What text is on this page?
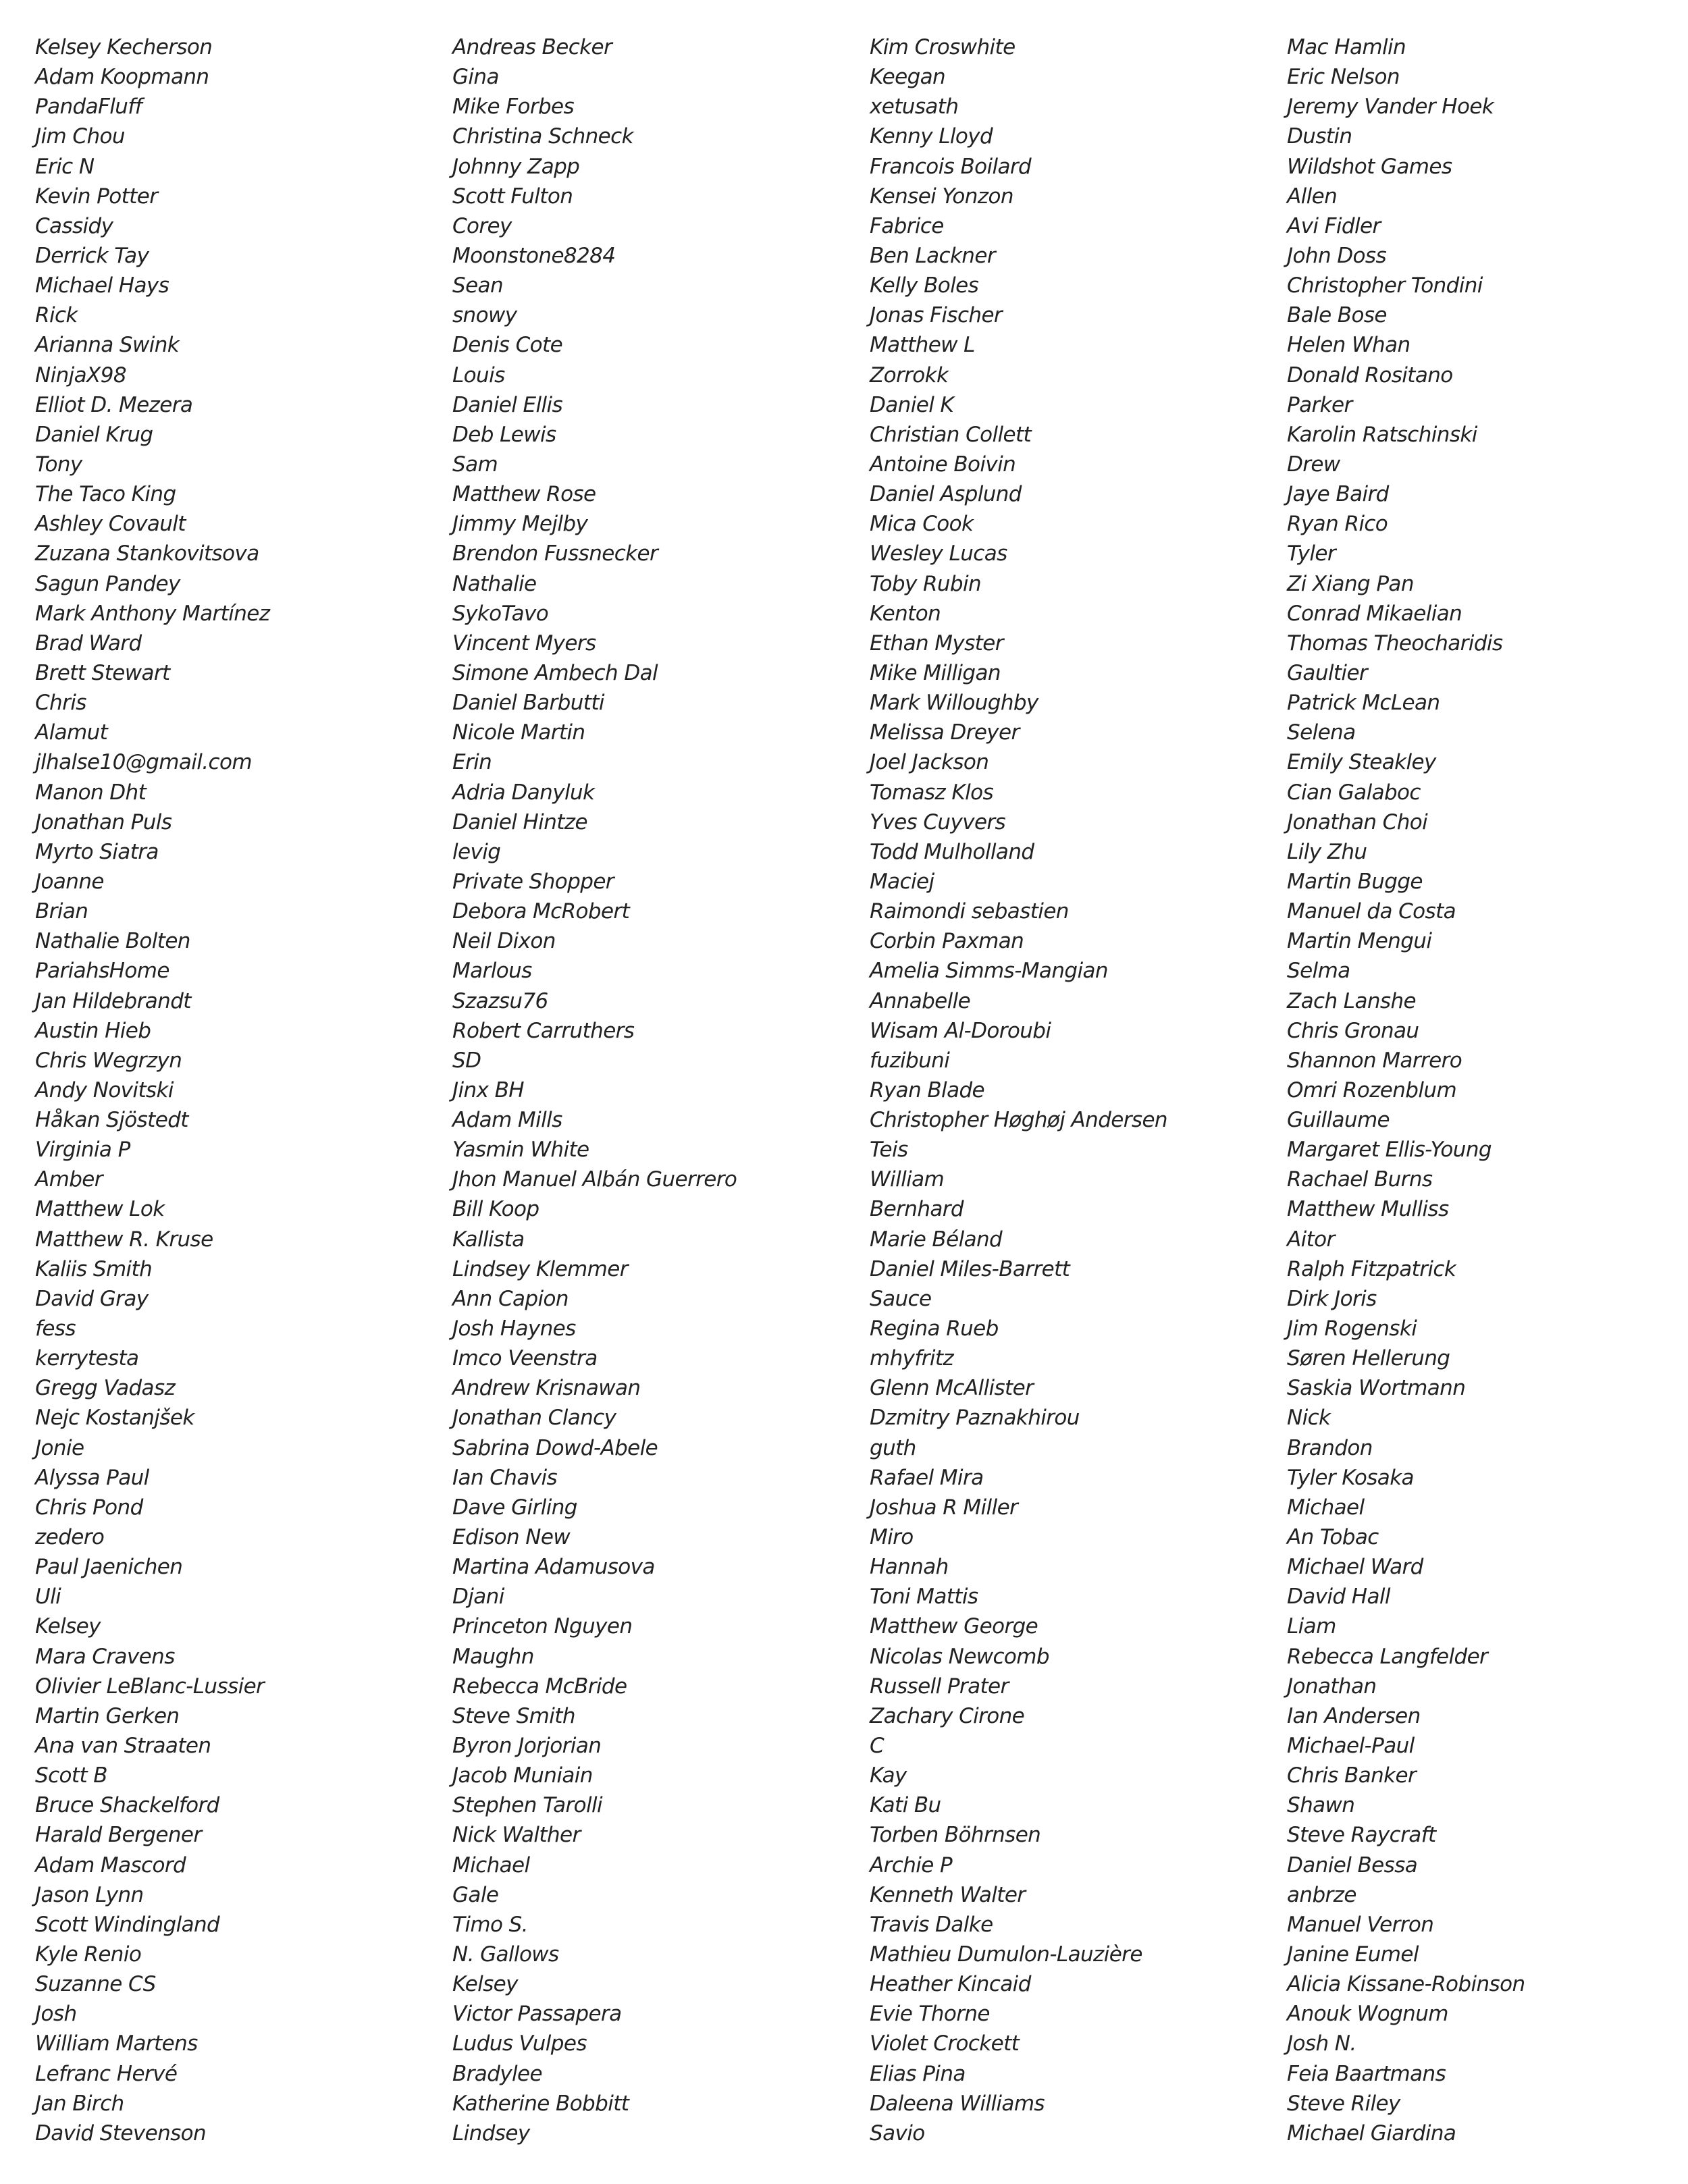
Kelsey Kecherson
Adam Koopmann
PandaFluff
Jim Chou
Eric N
Kevin Potter
Cassidy
Derrick Tay
Michael Hays
Rick
Arianna Swink
NinjaX98
Elliot D. Mezera
Daniel Krug
Tony
The Taco King
Ashley Covault
Zuzana Stankovitsova
Sagun Pandey
Mark Anthony Martínez
Brad Ward
Brett Stewart
Chris
Alamut
jlhalse10@gmail.com
Manon Dht
Jonathan Puls
Myrto Siatra
Joanne
Brian
Nathalie Bolten
PariahsHome
Jan Hildebrandt
Austin Hieb
Chris Wegrzyn
Andy Novitski
Håkan Sjöstedt
Virginia P
Amber
Matthew Lok
Matthew R. Kruse
Kaliis Smith
David Gray
fess
kerrytesta
Gregg Vadasz
Nejc Kostanjšek
Jonie
Alyssa Paul
Chris Pond
zedero
Paul Jaenichen
Uli
Kelsey
Mara Cravens
Olivier LeBlanc-Lussier
Martin Gerken
Ana van Straaten
Scott B
Bruce Shackelford
Harald Bergener
Adam Mascord
Jason Lynn
Scott Windingland
Kyle Renio
Suzanne CS
Josh
William Martens
Lefranc Hervé
Jan Birch
David Stevenson
Andreas Becker
Gina
Mike Forbes
Christina Schneck
Johnny Zapp
Scott Fulton
Corey
Moonstone8284
Sean
snowy
Denis Cote
Louis
Daniel Ellis
Deb Lewis
Sam
Matthew Rose
Jimmy Mejlby
Brendon Fussnecker
Nathalie
SykoTavo
Vincent Myers
Simone Ambech Dal
Daniel Barbutti
Nicole Martin
Erin
Adria Danyluk
Daniel Hintze
levig
Private Shopper
Debora McRobert
Neil Dixon
Marlous
Szazsu76
Robert Carruthers
SD
Jinx BH
Adam Mills
Yasmin White
Jhon Manuel Albán Guerrero
Bill Koop
Kallista
Lindsey Klemmer
Ann Capion
Josh Haynes
Imco Veenstra
Andrew Krisnawan
Jonathan Clancy
Sabrina Dowd-Abele
Ian Chavis
Dave Girling
Edison New
Martina Adamusova
Djani
Princeton Nguyen
Maughn
Rebecca McBride
Steve Smith
Byron Jorjorian
Jacob Muniain
Stephen Tarolli
Nick Walther
Michael
Gale
Timo S.
N. Gallows
Kelsey
Victor Passapera
Ludus Vulpes
Bradylee
Katherine Bobbitt
Lindsey
Kim Croswhite
Keegan
xetusath
Kenny Lloyd
Francois Boilard
Kensei Yonzon
Fabrice
Ben Lackner
Kelly Boles
Jonas Fischer
Matthew L
Zorrokk
Daniel K
Christian Collett
Antoine Boivin
Daniel Asplund
Mica Cook
Wesley Lucas
Toby Rubin
Kenton
Ethan Myster
Mike Milligan
Mark Willoughby
Melissa Dreyer
Joel Jackson
Tomasz Klos
Yves Cuyvers
Todd Mulholland
Maciej
Raimondi sebastien
Corbin Paxman
Amelia Simms-Mangian
Annabelle
Wisam Al-Doroubi
fuzibuni
Ryan Blade
Christopher Høghøj Andersen
Teis
William
Bernhard
Marie Béland
Daniel Miles-Barrett
Sauce
Regina Rueb
mhyfritz
Glenn McAllister
Dzmitry Paznakhirou
guth
Rafael Mira
Joshua R Miller
Miro
Hannah
Toni Mattis
Matthew George
Nicolas Newcomb
Russell Prater
Zachary Cirone
C
Kay
Kati Bu
Torben Böhrnsen
Archie P
Kenneth Walter
Travis Dalke
Mathieu Dumulon-Lauzière
Heather Kincaid
Evie Thorne
Violet Crockett
Elias Pina
Daleena Williams
Savio
Mac Hamlin
Eric Nelson
Jeremy Vander Hoek
Dustin
Wildshot Games
Allen
Avi Fidler
John Doss
Christopher Tondini
Bale Bose
Helen Whan
Donald Rositano
Parker
Karolin Ratschinski
Drew
Jaye Baird
Ryan Rico
Tyler
Zi Xiang Pan
Conrad Mikaelian
Thomas Theocharidis
Gaultier
Patrick McLean
Selena
Emily Steakley
Cian Galaboc
Jonathan Choi
Lily Zhu
Martin Bugge
Manuel da Costa
Martin Mengui
Selma
Zach Lanshe
Chris Gronau
Shannon Marrero
Omri Rozenblum
Guillaume
Margaret Ellis-Young
Rachael Burns
Matthew Mulliss
Aitor
Ralph Fitzpatrick
Dirk Joris
Jim Rogenski
Søren Hellerung
Saskia Wortmann
Nick
Brandon
Tyler Kosaka
Michael
An Tobac
Michael Ward
David Hall
Liam
Rebecca Langfelder
Jonathan
Ian Andersen
Michael-Paul
Chris Banker
Shawn
Steve Raycraft
Daniel Bessa
anbrze
Manuel Verron
Janine Eumel
Alicia Kissane-Robinson
Anouk Wognum
Josh N.
Feia Baartmans
Steve Riley
Michael Giardina
